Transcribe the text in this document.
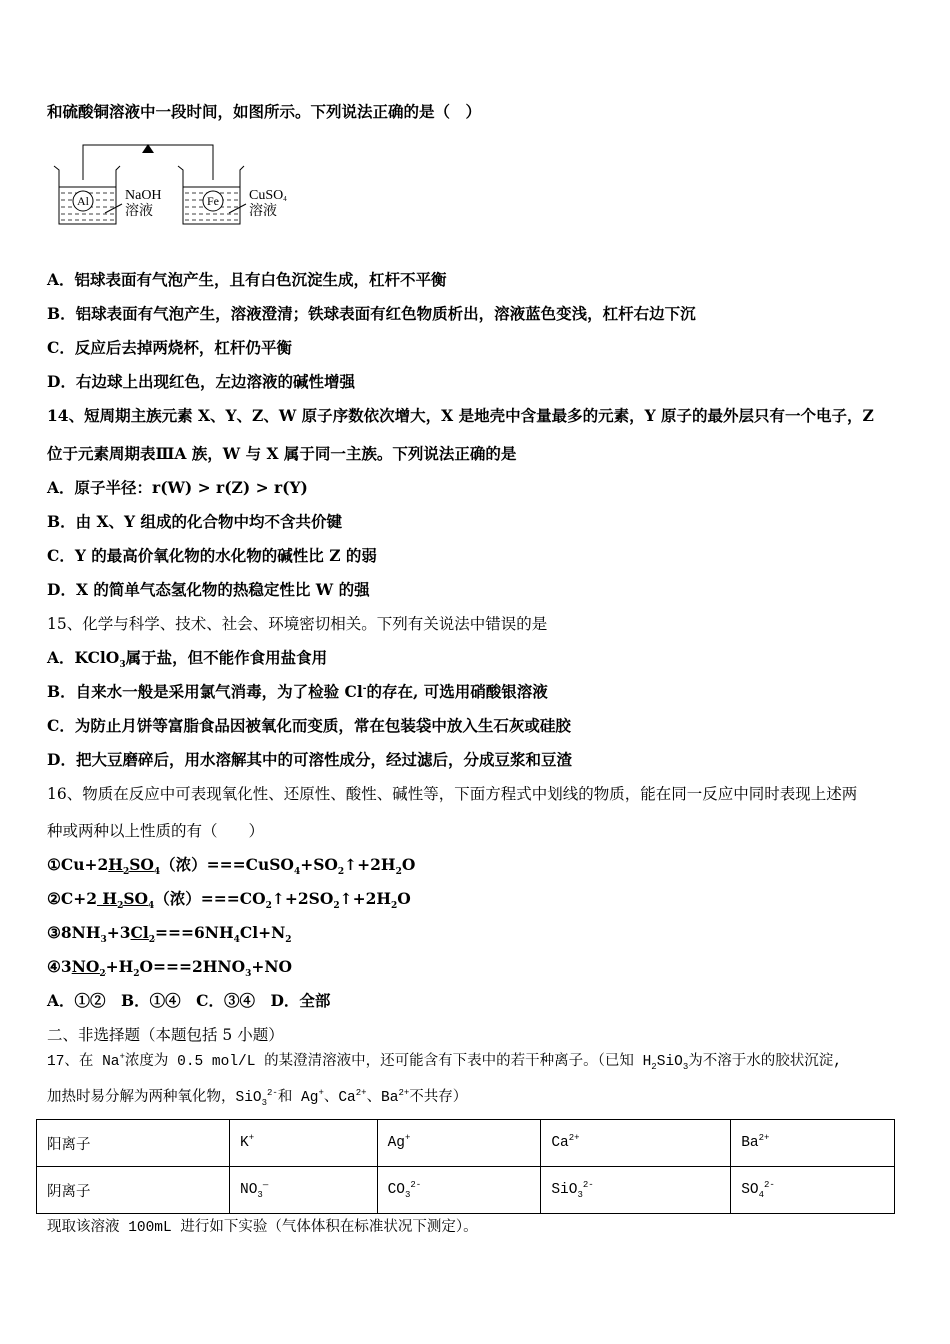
Al	Fe
NaOH
溶液
CuSO4
溶液
和硫酸铜溶液中一段时间，如图所示。下列说法正确的是（　）
A．铝球表面有气泡产生，且有白色沉淀生成，杠杆不平衡
B．铝球表面有气泡产生，溶液澄清；铁球表面有红色物质析出，溶液蓝色变浅，杠杆右边下沉
C．反应后去掉两烧杯，杠杆仍平衡
D．右边球上出现红色，左边溶液的碱性增强
14、短周期主族元素 X、Y、Z、W 原子序数依次增大，X 是地壳中含量最多的元素，Y 原子的最外层只有一个电子，Z
位于元素周期表ⅢA 族，W 与 X 属于同一主族。下列说法正确的是
A．原子半径：r(W) > r(Z) > r(Y)
B．由 X、Y 组成的化合物中均不含共价键
C．Y 的最高价氧化物的水化物的碱性比 Z 的弱
D．X 的简单气态氢化物的热稳定性比 W 的强
15、化学与科学、技术、社会、环境密切相关。下列有关说法中错误的是
A．KClO$_3$属于盐，但不能作食用盐食用
B．自来水一般是采用氯气消毒，为了检验 Cl-的存在, 可选用硝酸银溶液
C．为防止月饼等富脂食品因被氧化而变质，常在包装袋中放入生石灰或硅胶
D．把大豆磨碎后，用水溶解其中的可溶性成分，经过滤后，分成豆浆和豆渣
16、物质在反应中可表现氧化性、还原性、酸性、碱性等，下面方程式中划线的物质，能在同一反应中同时表现上述两
种或两种以上性质的有（　　）
$①Cu+2H_2SO_4$（浓）$===CuSO_4+SO_2↑+2H_2O$
②C+2 $H_2SO_4$（浓）$===CO_2↑+2SO_2↑+2H_2O$
$③8NH_3+3Cl_2===6NH_4Cl+N_2$
$④3NO_2+H_2O===2HNO_3+NO$
A．①②　B．①④　C．③④　D．全部
二、非选择题（本题包括 5 小题）
17、在 Na+浓度为 0.5 mol/L 的某澄清溶液中，还可能含有下表中的若干种离子。（已知 $H_2SiO_3$为不溶于水的胶状沉淀,
加热时易分解为两种氧化物，SiO$_3^{2-}$和 Ag+、$Ca^{2+}$、$Ba^{2+}$不共存）
现取该溶液 100mL 进行如下实验（气体体积在标准状况下测定）。
阳离子	K+	Ag+	$Ca^{2+}$	$Ba^{2+}$
阴离子	$NO_3^—$	$CO_3^{2-}$	SiO$_3^{2-}$	$SO_4^{2-}$
